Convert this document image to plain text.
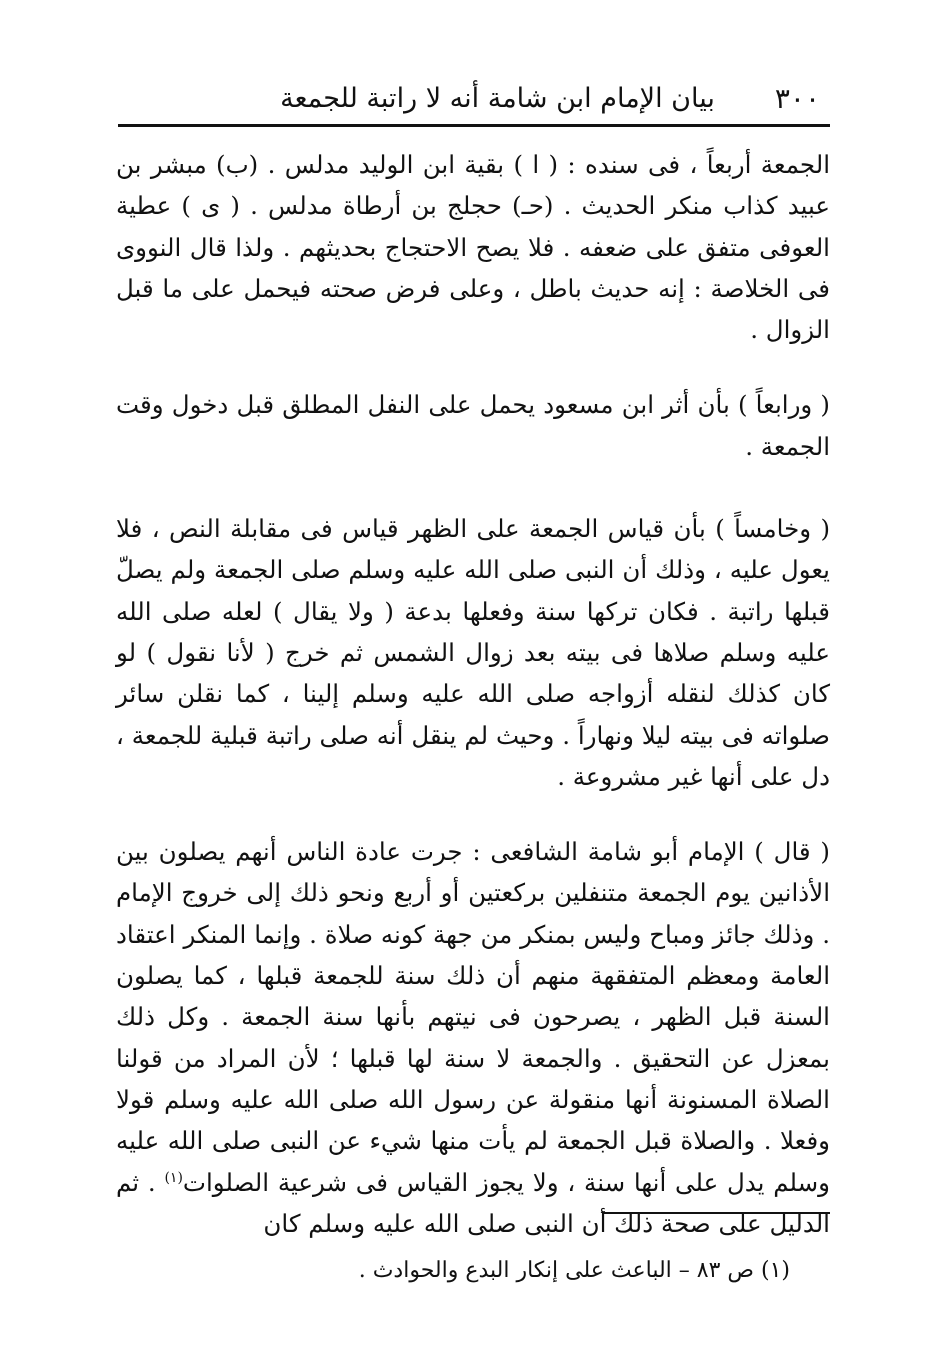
٣٠٠
بيان الإمام ابن شامة أنه لا راتبة للجمعة

الجمعة أربعاً ، فى سنده : ( ا ) بقية ابن الوليد مدلس . (ب) مبشر بن عبيد كذاب منكر الحديث . (حـ) حجلج بن أرطاة مدلس . ( ى ) عطية العوفى متفق على ضعفه . فلا يصح الاحتجاج بحديثهم . ولذا قال النووى فى الخلاصة : إنه حديث باطل ، وعلى فرض صحته فيحمل على ما قبل الزوال .

( ورابعاً ) بأن أثر ابن مسعود يحمل على النفل المطلق قبل دخول وقت الجمعة .

( وخامساً ) بأن قياس الجمعة على الظهر قياس فى مقابلة النص ، فلا يعول عليه ، وذلك أن النبى صلى الله عليه وسلم صلى الجمعة ولم يصلّ قبلها راتبة . فكان تركها سنة وفعلها بدعة ( ولا يقال ) لعله صلى الله عليه وسلم صلاها فى بيته بعد زوال الشمس ثم خرج ( لأنا نقول ) لو كان كذلك لنقله أزواجه صلى الله عليه وسلم إلينا ، كما نقلن سائر صلواته فى بيته ليلا ونهاراً . وحيث لم ينقل أنه صلى راتبة قبلية للجمعة ، دل على أنها غير مشروعة .

( قال ) الإمام أبو شامة الشافعى : جرت عادة الناس أنهم يصلون بين الأذانين يوم الجمعة متنفلين بركعتين أو أربع ونحو ذلك إلى خروج الإمام . وذلك جائز ومباح وليس بمنكر من جهة كونه صلاة . وإنما المنكر اعتقاد العامة ومعظم المتفقهة منهم أن ذلك سنة للجمعة قبلها ، كما يصلون السنة قبل الظهر ، يصرحون فى نيتهم بأنها سنة الجمعة . وكل ذلك بمعزل عن التحقيق . والجمعة لا سنة لها قبلها ؛ لأن المراد من قولنا الصلاة المسنونة أنها منقولة عن رسول الله صلى الله عليه وسلم قولا وفعلا . والصلاة قبل الجمعة لم يأت منها شيء عن النبى صلى الله عليه وسلم يدل على أنها سنة ، ولا يجوز القياس فى شرعية الصلوات$^{(١)}$ . ثم الدليل على صحة ذلك أن النبى صلى الله عليه وسلم كان

(١) ص ٨٣ – الباعث على إنكار البدع والحوادث .
